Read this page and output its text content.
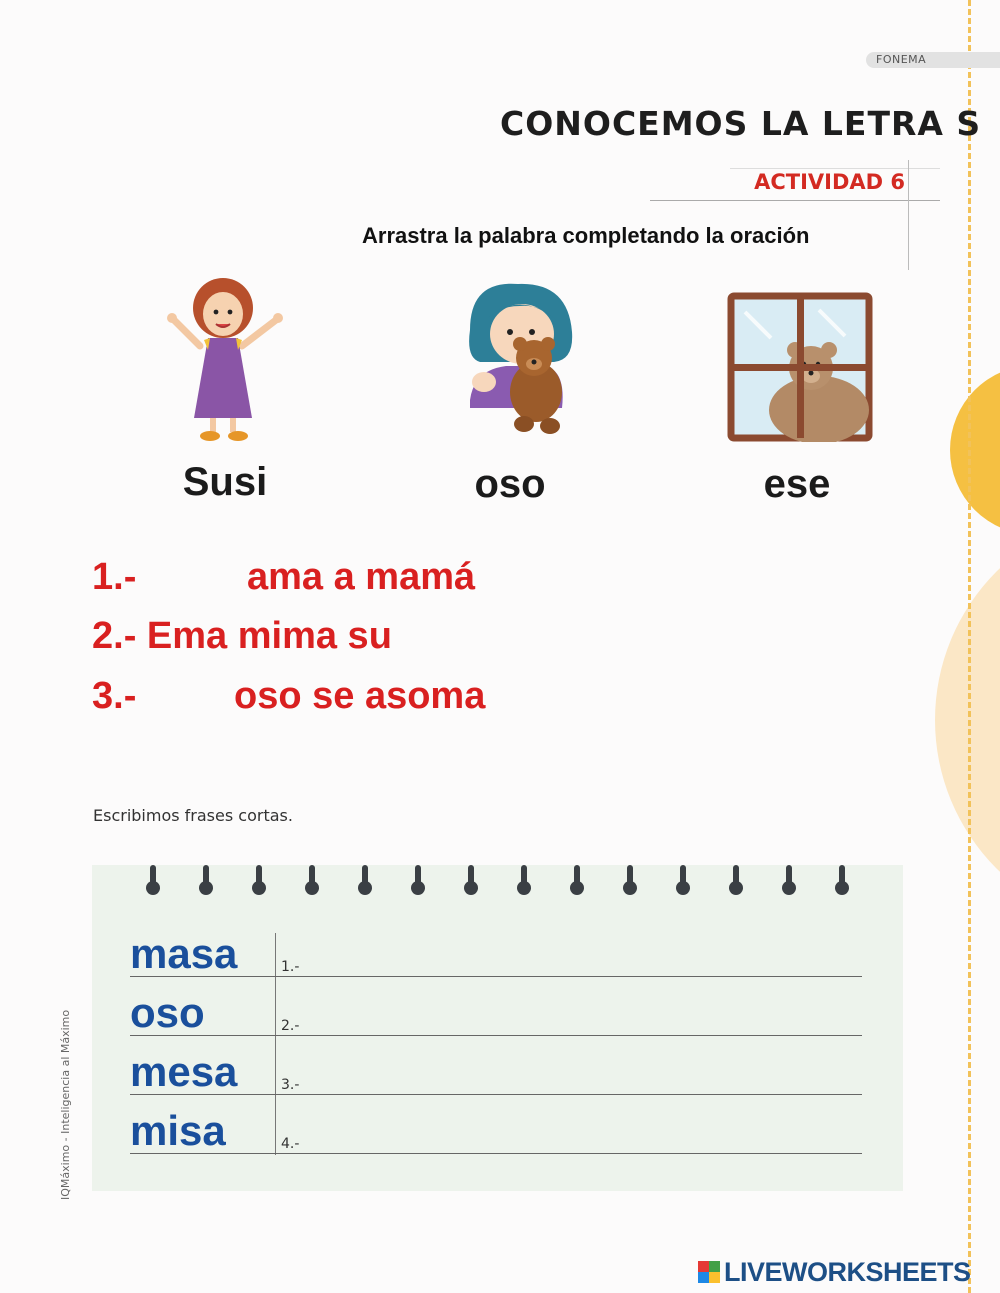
FONEMA
CONOCEMOS LA LETRA S
ACTIVIDAD 6
Arrastra la palabra completando la oración
Susi	oso	ese
1.-	ama a mamá
2.- Ema mima su
3.-	oso se asoma
Escribimos frases cortas.
masa	1.-
oso	2.-
mesa	3.-
misa	4.-
IQMáximo - Inteligencia al Máximo
LIVEWORKSHEETS
